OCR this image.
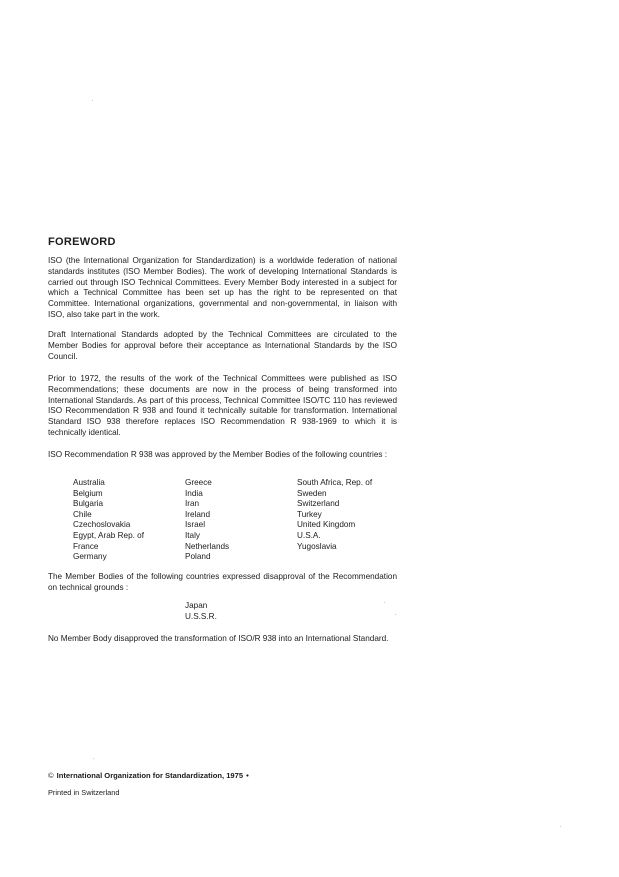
FOREWORD

ISO (the International Organization for Standardization) is a worldwide federation of national standards institutes (ISO Member Bodies). The work of developing International Standards is carried out through ISO Technical Committees. Every Member Body interested in a subject for which a Technical Committee has been set up has the right to be represented on that Committee. International organizations, governmental and non-governmental, in liaison with ISO, also take part in the work.

Draft International Standards adopted by the Technical Committees are circulated to the Member Bodies for approval before their acceptance as International Standards by the ISO Council.

Prior to 1972, the results of the work of the Technical Committees were published as ISO Recommendations; these documents are now in the process of being transformed into International Standards. As part of this process, Technical Committee ISO/TC 110 has reviewed ISO Recommendation R 938 and found it technically suitable for transformation. International Standard ISO 938 therefore replaces ISO Recommendation R 938-1969 to which it is technically identical.

ISO Recommendation R 938 was approved by the Member Bodies of the following countries :

Australia
Belgium
Bulgaria
Chile
Czechoslovakia
Egypt, Arab Rep. of
France
Germany
Greece
India
Iran
Ireland
Israel
Italy
Netherlands
Poland
South Africa, Rep. of
Sweden
Switzerland
Turkey
United Kingdom
U.S.A.
Yugoslavia

The Member Bodies of the following countries expressed disapproval of the Recommendation on technical grounds :

Japan
U.S.S.R.

No Member Body disapproved the transformation of ISO/R 938 into an International Standard.

© International Organization for Standardization, 1975 •
Printed in Switzerland
